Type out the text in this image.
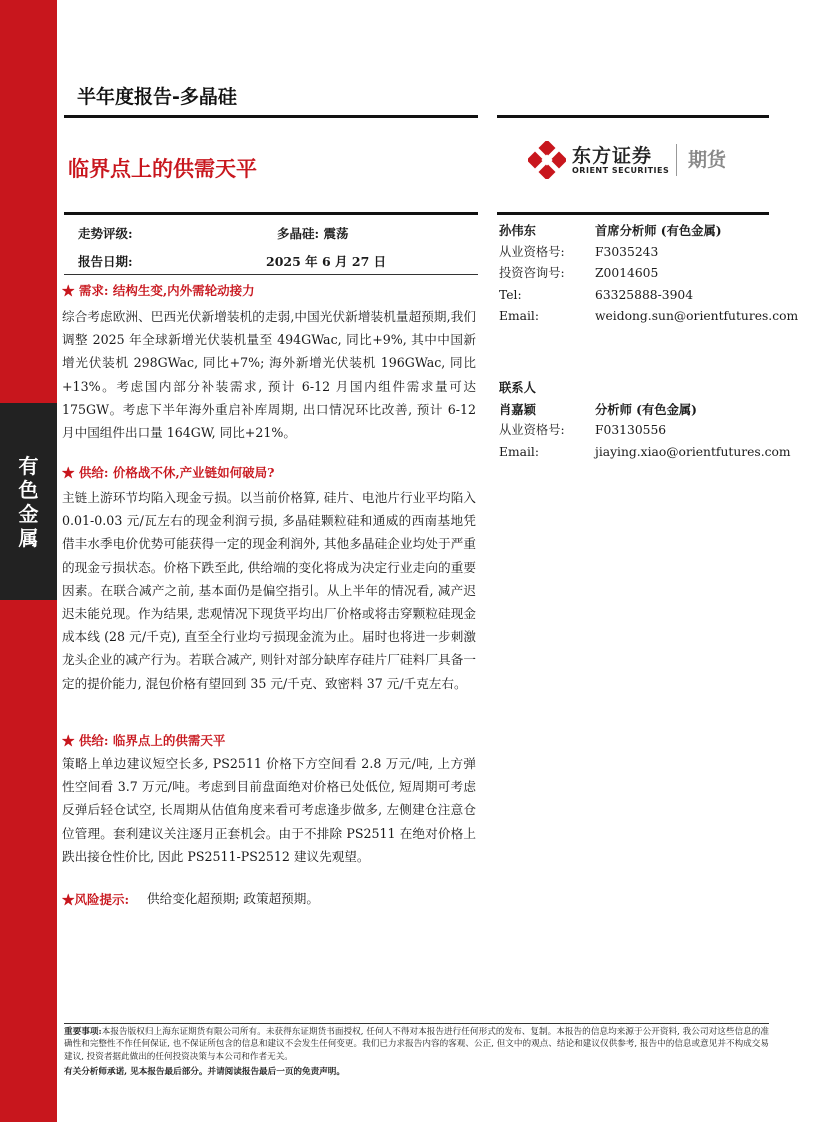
有
色
金
属
半年度报告-多晶硅
临界点上的供需天平
东方证券
ORIENT SECURITIES 期货
走势评级:	多晶硅: 震荡
报告日期:	2025 年 6 月 27 日
★ 需求: 结构生变,内外需轮动接力
综合考虑欧洲、巴西光伏新增装机的走弱,中国光伏新增装机量超预期,我们调整 2025 年全球新增光伏装机量至 494GWac, 同比+9%, 其中中国新增光伏装机 298GWac, 同比+7%; 海外新增光伏装机 196GWac, 同比+13%。考虑国内部分补装需求, 预计 6-12 月国内组件需求量可达 175GW。考虑下半年海外重启补库周期, 出口情况环比改善, 预计 6-12 月中国组件出口量 164GW, 同比+21%。
★ 供给: 价格战不休,产业链如何破局?
主链上游环节均陷入现金亏损。以当前价格算, 硅片、电池片行业平均陷入 0.01-0.03 元/瓦左右的现金利润亏损, 多晶硅颗粒硅和通威的西南基地凭借丰水季电价优势可能获得一定的现金利润外, 其他多晶硅企业均处于严重的现金亏损状态。价格下跌至此, 供给端的变化将成为决定行业走向的重要因素。在联合减产之前, 基本面仍是偏空指引。从上半年的情况看, 减产迟迟未能兑现。作为结果, 悲观情况下现货平均出厂价格或将击穿颗粒硅现金成本线 (28 元/千克), 直至全行业均亏损现金流为止。届时也将进一步刺激龙头企业的减产行为。若联合减产, 则针对部分缺库存硅片厂硅料厂具备一定的提价能力, 混包价格有望回到 35 元/千克、致密料 37 元/千克左右。
★ 供给: 临界点上的供需天平
策略上单边建议短空长多, PS2511 价格下方空间看 2.8 万元/吨, 上方弹性空间看 3.7 万元/吨。考虑到目前盘面绝对价格已处低位, 短周期可考虑反弹后轻仓试空, 长周期从估值角度来看可考虑逢步做多, 左侧建仓注意仓位管理。套利建议关注逐月正套机会。由于不排除 PS2511 在绝对价格上跌出接仓性价比, 因此 PS2511-PS2512 建议先观望。
★风险提示: 供给变化超预期; 政策超预期。
孙伟东	首席分析师 (有色金属)
从业资格号: F3035243
投资咨询号: Z0014605
Tel:	63325888-3904
Email:	weidong.sun@orientfutures.com
联系人
肖嘉颖	分析师 (有色金属)
从业资格号: F03130556
Email:	jiaying.xiao@orientfutures.com
重要事项:本报告版权归上海东证期货有限公司所有。未获得东证期货书面授权, 任何人不得对本报告进行任何形式的发布、复制。本报告的信息均来源于公开资料, 我公司对这些信息的准确性和完整性不作任何保证, 也不保证所包含的信息和建议不会发生任何变更。我们已力求报告内容的客观、公正, 但文中的观点、结论和建议仅供参考, 报告中的信息或意见并不构成交易建议, 投资者据此做出的任何投资决策与本公司和作者无关。
有关分析师承诺, 见本报告最后部分。并请阅读报告最后一页的免责声明。
